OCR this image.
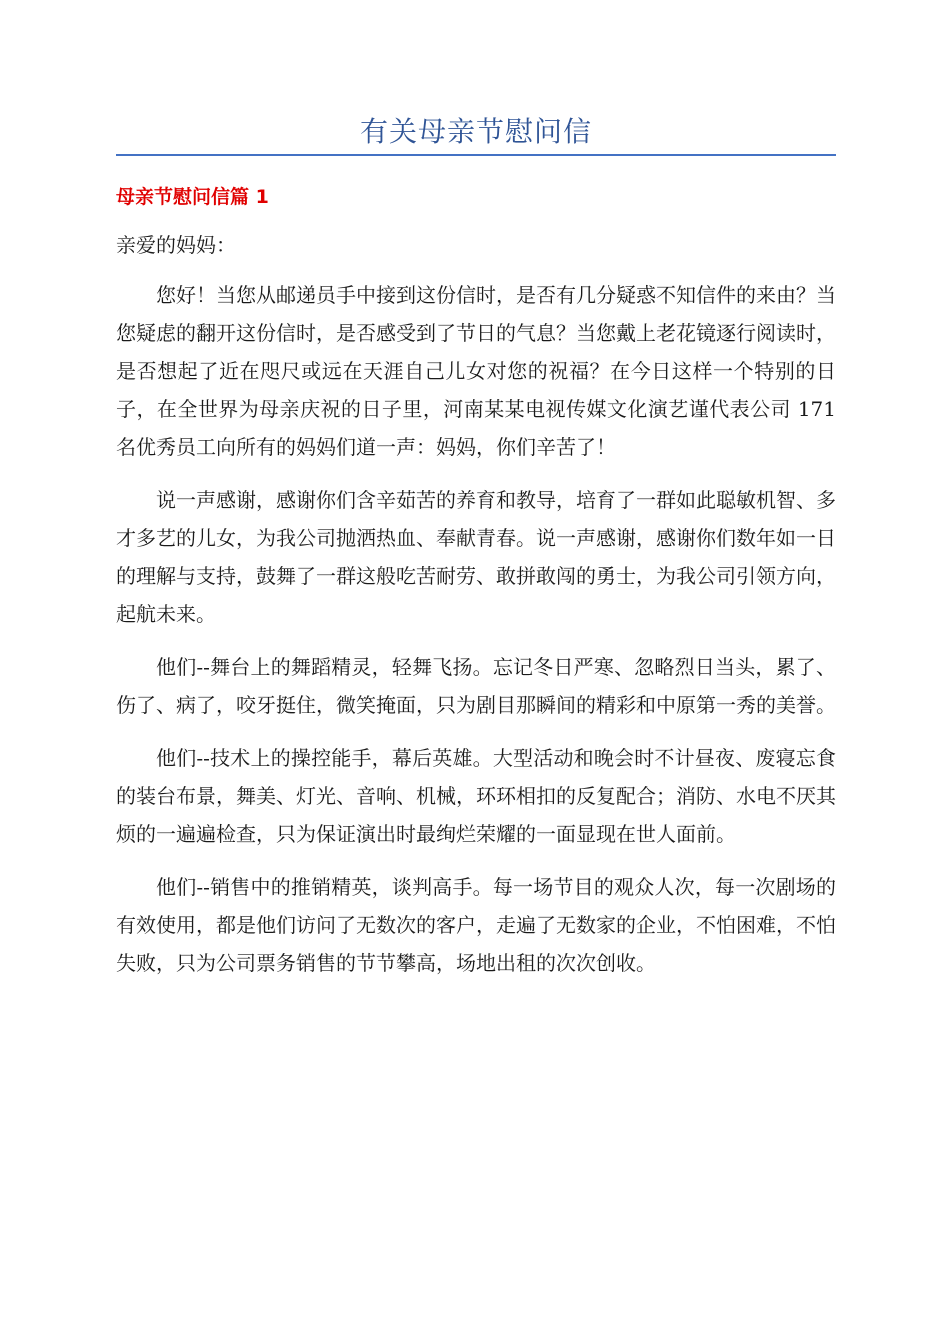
有关母亲节慰问信
母亲节慰问信篇 1
亲爱的妈妈：

您好！当您从邮递员手中接到这份信时，是否有几分疑惑不知信件的来由？当您疑虑的翻开这份信时，是否感受到了节日的气息？当您戴上老花镜逐行阅读时，是否想起了近在咫尺或远在天涯自己儿女对您的祝福？在今日这样一个特别的日子，在全世界为母亲庆祝的日子里，河南某某电视传媒文化演艺谨代表公司 171 名优秀员工向所有的妈妈们道一声：妈妈，你们辛苦了！

说一声感谢，感谢你们含辛茹苦的养育和教导，培育了一群如此聪敏机智、多才多艺的儿女，为我公司抛洒热血、奉献青春。说一声感谢，感谢你们数年如一日的理解与支持，鼓舞了一群这般吃苦耐劳、敢拼敢闯的勇士，为我公司引领方向，起航未来。

他们--舞台上的舞蹈精灵，轻舞飞扬。忘记冬日严寒、忽略烈日当头，累了、伤了、病了，咬牙挺住，微笑掩面，只为剧目那瞬间的精彩和中原第一秀的美誉。

他们--技术上的操控能手，幕后英雄。大型活动和晚会时不计昼夜、废寝忘食的装台布景，舞美、灯光、音响、机械，环环相扣的反复配合；消防、水电不厌其烦的一遍遍检查，只为保证演出时最绚烂荣耀的一面显现在世人面前。

他们--销售中的推销精英，谈判高手。每一场节目的观众人次，每一次剧场的有效使用，都是他们访问了无数次的客户，走遍了无数家的企业，不怕困难，不怕失败，只为公司票务销售的节节攀高，场地出租的次次创收。
